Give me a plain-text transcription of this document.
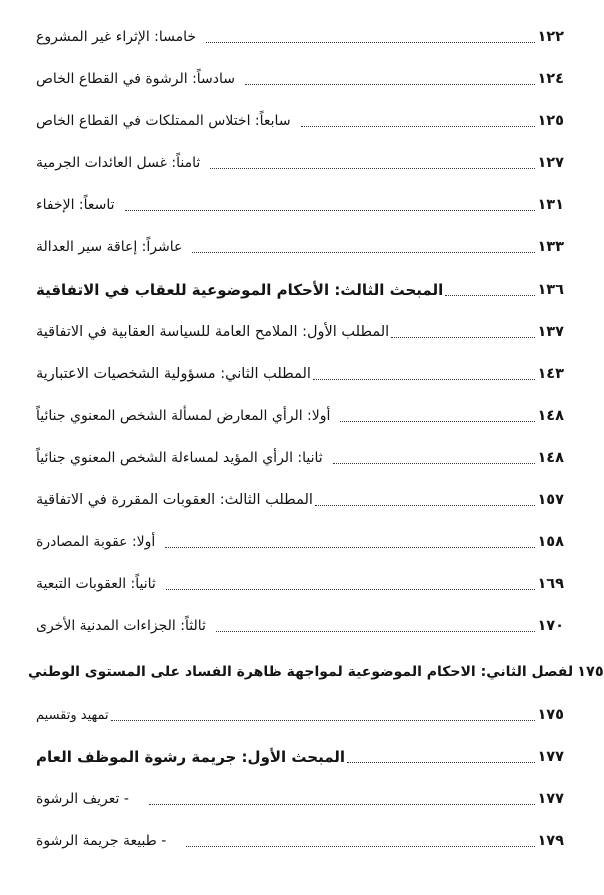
خامسا: الإثراء غير المشروع	١٢٢
سادساً: الرشوة في القطاع الخاص	١٢٤
سابعاً: اختلاس الممتلكات في القطاع الخاص	١٢٥
ثامناً: غسل العائدات الجرمية	١٢٧
تاسعاً: الإخفاء	١٣١
عاشراً: إعاقة سير العدالة	١٣٣
المبحث الثالث: الأحكام الموضوعية للعقاب في الاتفاقية	١٣٦
المطلب الأول: الملامح العامة للسياسة العقابية في الاتفاقية	١٣٧
المطلب الثاني: مسؤولية الشخصيات الاعتبارية	١٤٣
أولا: الرأي المعارض لمسألة الشخص المعنوي جنائياً	١٤٨
ثانيا: الرأي المؤيد لمساءلة الشخص المعنوي جنائياً	١٤٨
المطلب الثالث: العقوبات المقررة في الاتفاقية	١٥٧
أولا: عقوبة المصادرة	١٥٨
ثانياً: العقوبات التبعية	١٦٩
ثالثاً: الجزاءات المدنية الأخرى	١٧٠
لفصل الثاني: الاحكام الموضوعية لمواجهة ظاهرة الفساد على المستوى الوطني ١٧٥
تمهيد وتقسيم	١٧٥
المبحث الأول: جريمة رشوة الموظف العام	١٧٧
- تعريف الرشوة	١٧٧
- طبيعة جريمة الرشوة	١٧٩
